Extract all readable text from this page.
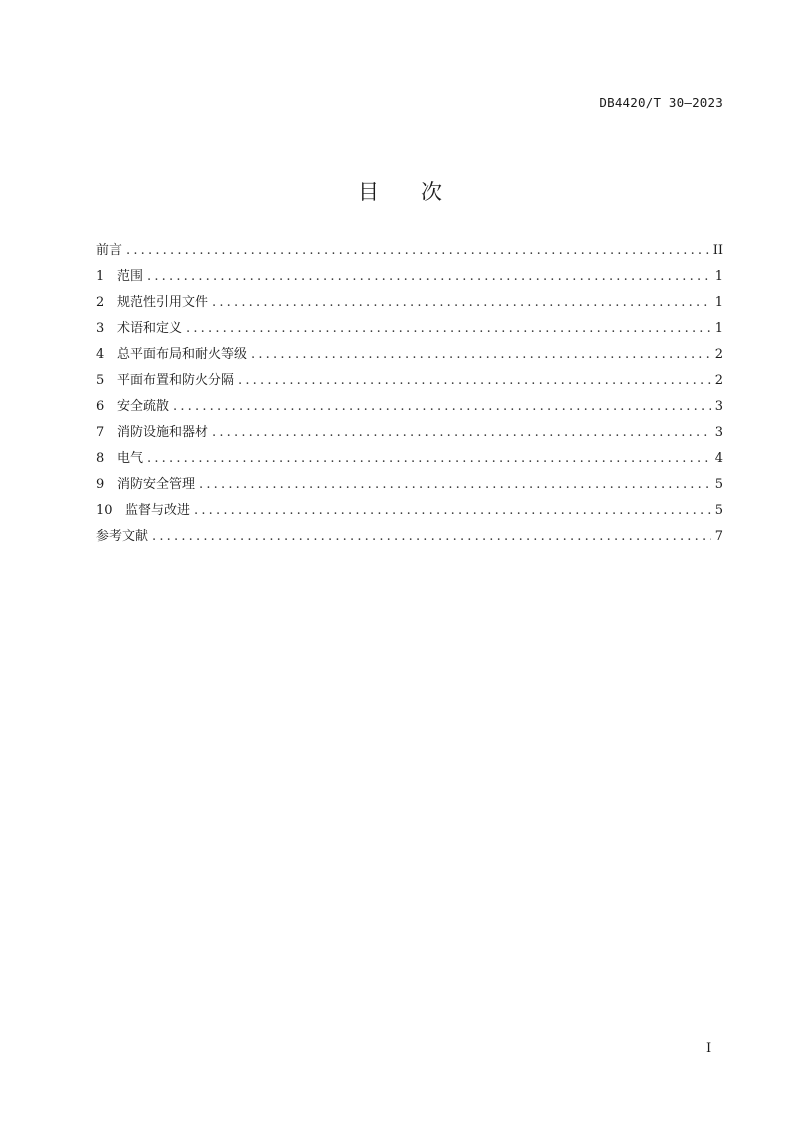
DB4420/T 30—2023
目 次
前言 .....	II
1 范围 .....	1
2 规范性引用文件 .....	1
3 术语和定义 .....	1
4 总平面布局和耐火等级 .....	2
5 平面布置和防火分隔 .....	2
6 安全疏散 .....	3
7 消防设施和器材 .....	3
8 电气 .....	4
9 消防安全管理 .....	5
10 监督与改进 .....	5
参考文献 .....	7
I
